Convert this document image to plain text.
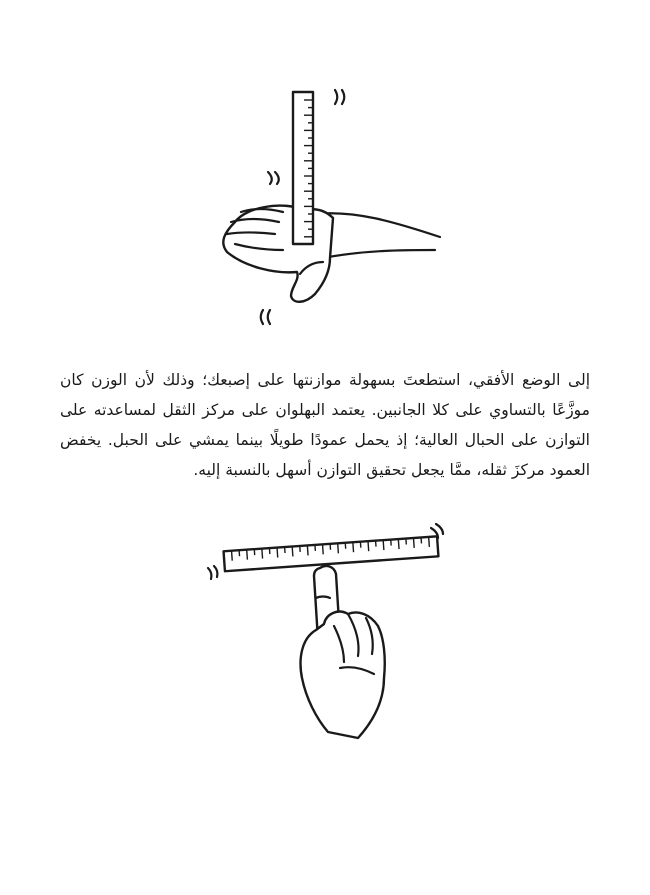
إلى الوضع الأفقي، استطعتَ بسهولة موازنتها على إصبعك؛ وذلك لأن الوزن كان موزَّعًا بالتساوي على كلا الجانبين. يعتمد البهلوان على مركز الثقل لمساعدته على التوازن على الحبال العالية؛ إذ يحمل عمودًا طويلًا بينما يمشي على الحبل. يخفض العمود مركزَ ثقله، ممَّا يجعل تحقيق التوازن أسهل بالنسبة إليه.
